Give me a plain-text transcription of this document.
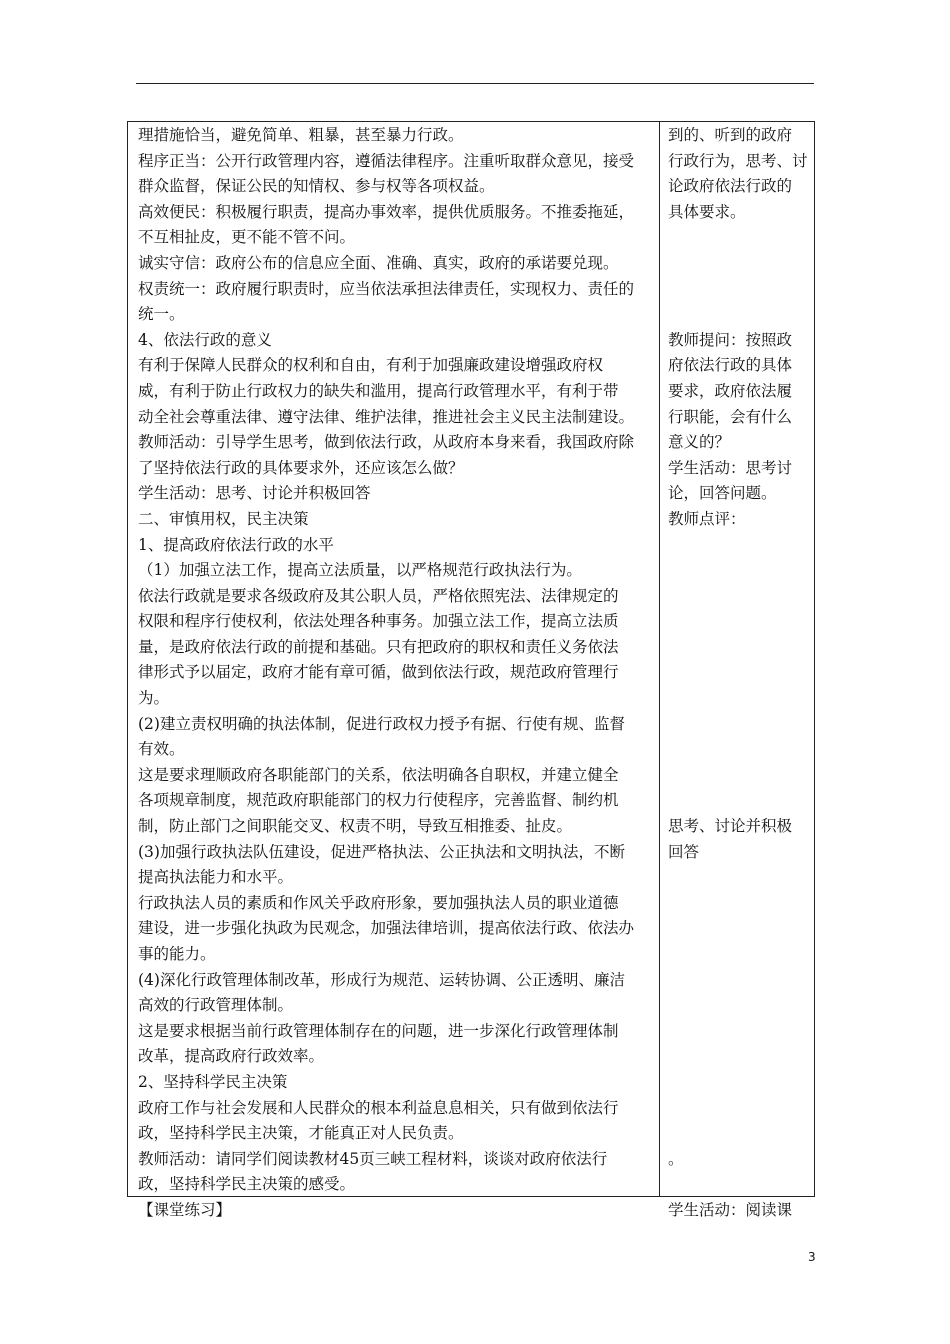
理措施恰当，避免简单、粗暴，甚至暴力行政。
程序正当：公开行政管理内容，遵循法律程序。注重听取群众意见，接受
群众监督，保证公民的知情权、参与权等各项权益。
高效便民：积极履行职责，提高办事效率，提供优质服务。不推委拖延，
不互相扯皮，更不能不管不问。
诚实守信：政府公布的信息应全面、准确、真实，政府的承诺要兑现。
权责统一：政府履行职责时，应当依法承担法律责任，实现权力、责任的
统一。
4、依法行政的意义
有利于保障人民群众的权利和自由，有利于加强廉政建设增强政府权
威，有利于防止行政权力的缺失和滥用，提高行政管理水平，有利于带
动全社会尊重法律、遵守法律、维护法律，推进社会主义民主法制建设。
教师活动：引导学生思考，做到依法行政，从政府本身来看，我国政府除
了坚持依法行政的具体要求外，还应该怎么做？
学生活动：思考、讨论并积极回答
二、审慎用权，民主决策
1、提高政府依法行政的水平
（1）加强立法工作，提高立法质量，以严格规范行政执法行为。
依法行政就是要求各级政府及其公职人员，严格依照宪法、法律规定的
权限和程序行使权利，依法处理各种事务。加强立法工作，提高立法质
量，是政府依法行政的前提和基础。只有把政府的职权和责任义务依法
律形式予以届定，政府才能有章可循，做到依法行政，规范政府管理行
为。
(2)建立责权明确的执法体制，促进行政权力授予有据、行使有规、监督
有效。
这是要求理顺政府各职能部门的关系，依法明确各自职权，并建立健全
各项规章制度，规范政府职能部门的权力行使程序，完善监督、制约机
制，防止部门之间职能交叉、权责不明，导致互相推委、扯皮。
(3)加强行政执法队伍建设，促进严格执法、公正执法和文明执法，不断
提高执法能力和水平。
行政执法人员的素质和作风关乎政府形象，要加强执法人员的职业道德
建设，进一步强化执政为民观念，加强法律培训，提高依法行政、依法办
事的能力。
(4)深化行政管理体制改革，形成行为规范、运转协调、公正透明、廉洁
高效的行政管理体制。
这是要求根据当前行政管理体制存在的问题，进一步深化行政管理体制
改革，提高政府行政效率。
2、坚持科学民主决策
政府工作与社会发展和人民群众的根本利益息息相关，只有做到依法行
政，坚持科学民主决策，才能真正对人民负责。
教师活动：请同学们阅读教材45页三峡工程材料，谈谈对政府依法行
政，坚持科学民主决策的感受。
【课堂练习】
到的、听到的政府
行政行为，思考、讨
论政府依法行政的
具体要求。
教师提问：按照政
府依法行政的具体
要求，政府依法履
行职能，会有什么
意义的？
学生活动：思考讨
论，回答问题。
教师点评：
思考、讨论并积极
回答
。
学生活动：阅读课
3
